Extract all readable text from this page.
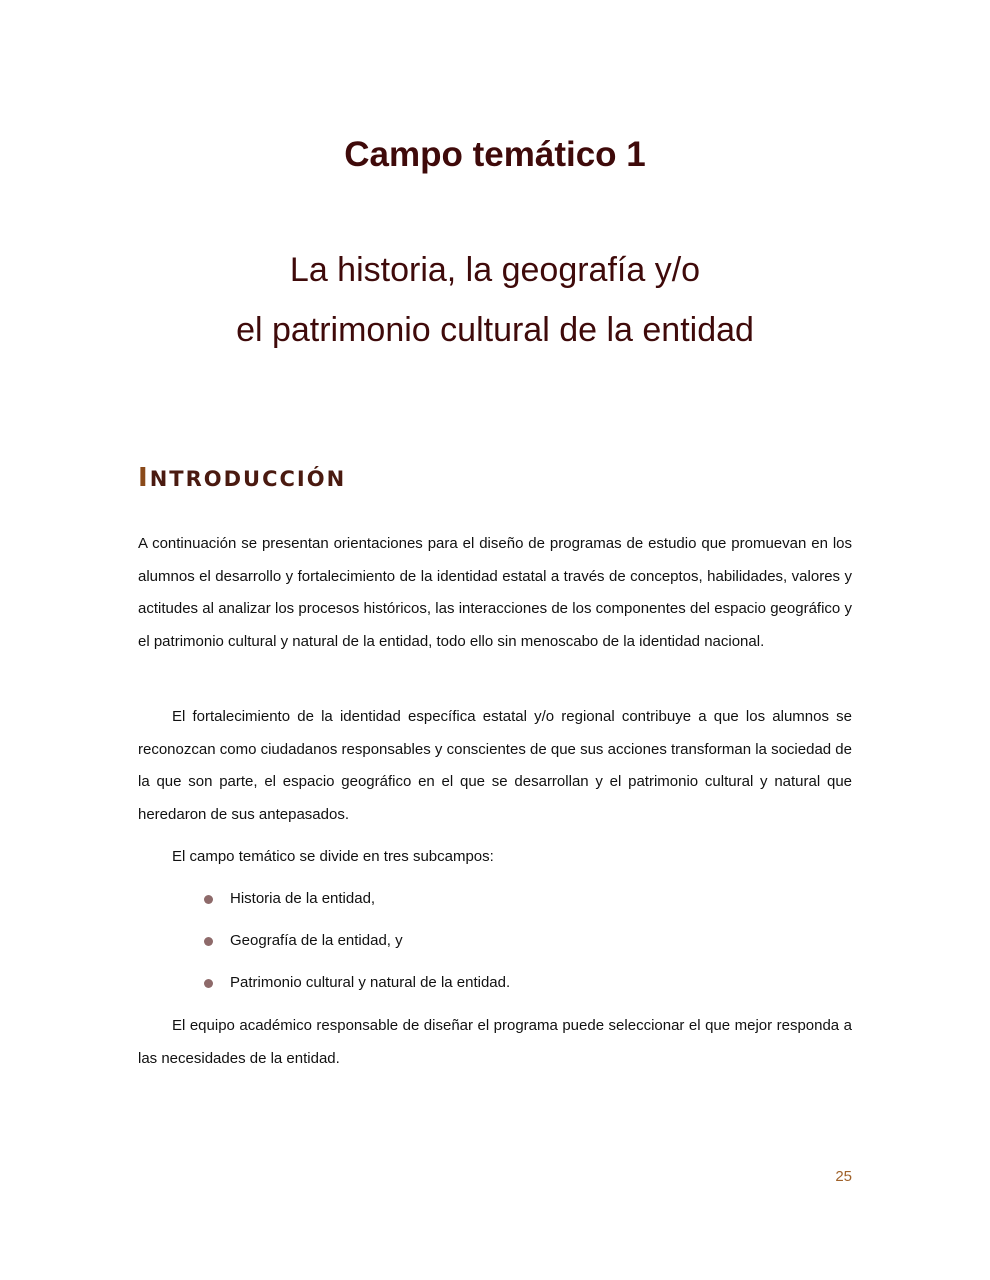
Campo temático 1
La historia, la geografía y/o
el patrimonio cultural de la entidad
INTRODUCCIÓN

A continuación se presentan orientaciones para el diseño de programas de estudio que promuevan en los alumnos el desarrollo y fortalecimiento de la identidad estatal a través de conceptos, habilidades, valores y actitudes al analizar los procesos históricos, las interacciones de los componentes del espacio geográfico y el patrimonio cultural y natural de la entidad, todo ello sin menoscabo de la identidad nacional.

El fortalecimiento de la identidad específica estatal y/o regional contribuye a que los alumnos se reconozcan como ciudadanos responsables y conscientes de que sus acciones transforman la sociedad de la que son parte, el espacio geográfico en el que se desarrollan y el patrimonio cultural y natural que heredaron de sus antepasados.

El campo temático se divide en tres subcampos:

Historia de la entidad,
Geografía de la entidad, y
Patrimonio cultural y natural de la entidad.

El equipo académico responsable de diseñar el programa puede seleccionar el que mejor responda a las necesidades de la entidad.

25
